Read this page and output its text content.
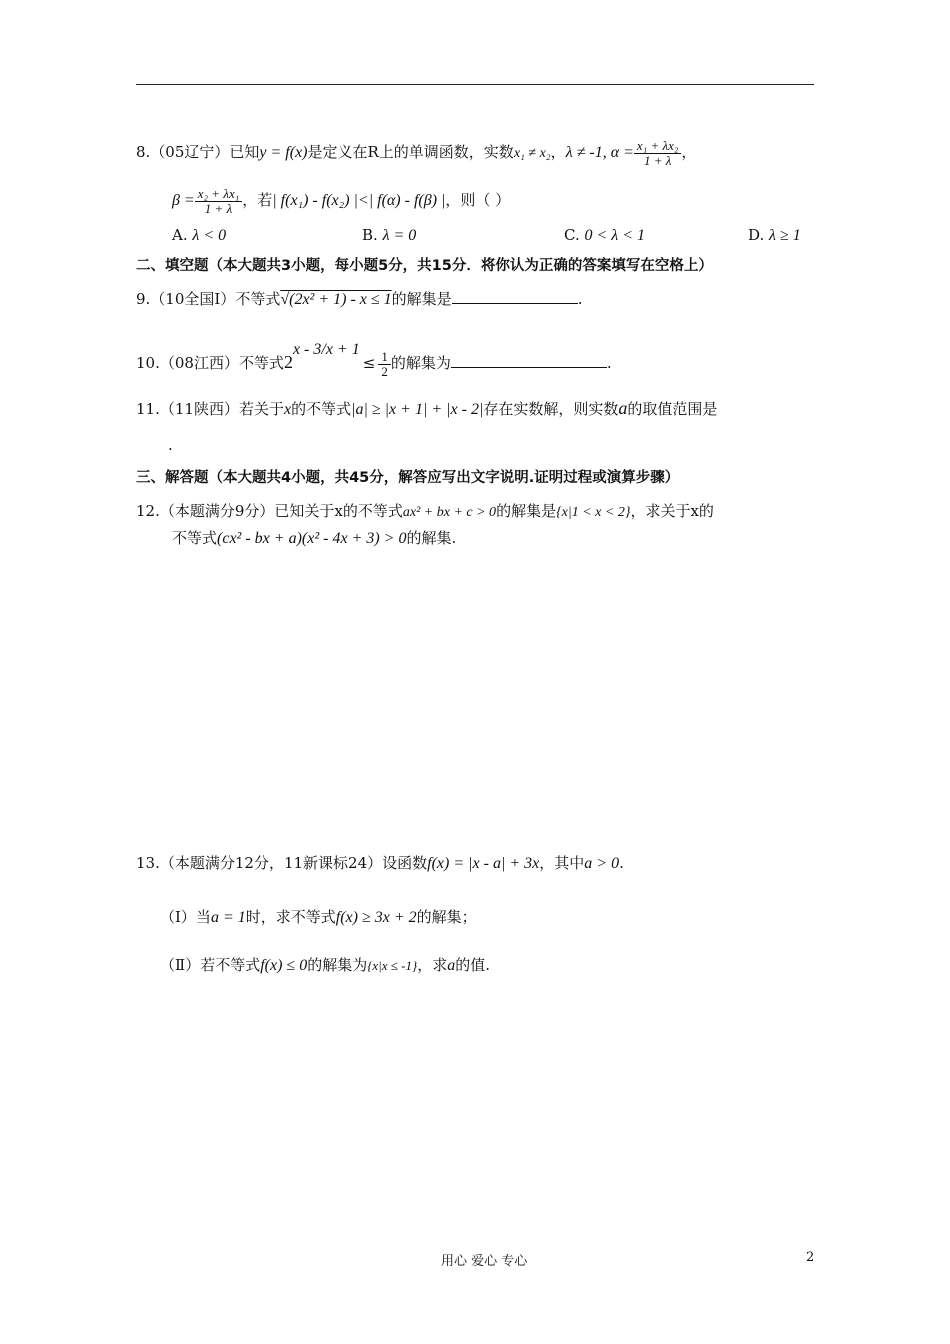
8.（05辽宁）已知y = f(x)是定义在R上的单调函数，实数x₁ ≠ x₂，λ ≠ -1, $\alpha = \frac{\text{x₁ + λx₂}}{1 + \lambda}$ ，
$\beta = \frac{\text{x₂ + λx₁}}{1 + \lambda}$ ，若| f(x₁) - f(x₂) |<| f(α) - f(β) |，则（ ）
A. λ < 0	B. λ = 0	C. 0 < λ < 1	D. λ ≥ 1
二、填空题（本大题共3小题，每小题5分，共15分．将你认为正确的答案填写在空格上）
9.（10全国Ⅰ）不等式√(2x² + 1) - x ≤ 1的解集是	.
10.（08江西）不等式$2^{x - 3/x + 1}\le \frac{1}{2}$ 的解集为	.
11.（11陕西）若关于x的不等式|a| ≥ |x + 1| + |x - 2|存在实数解，则实数a的取值范围是
.
三、解答题（本大题共4小题，共45分，解答应写出文字说明.证明过程或演算步骤）
12.（本题满分9分）已知关于x的不等式ax² + bx + c > 0的解集是{x|1 < x < 2}，求关于x的
不等式(cx² - bx + a)(x² - 4x + 3) > 0的解集.
13.（本题满分12分，11新课标24）设函数f(x) = |x - a| + 3x，其中a > 0.
（Ⅰ）当a = 1时，求不等式f(x) ≥ 3x + 2的解集；
（Ⅱ）若不等式f(x) ≤ 0的解集为{x|x ≤ -1}，求a的值.
用心 爱心 专心	2
